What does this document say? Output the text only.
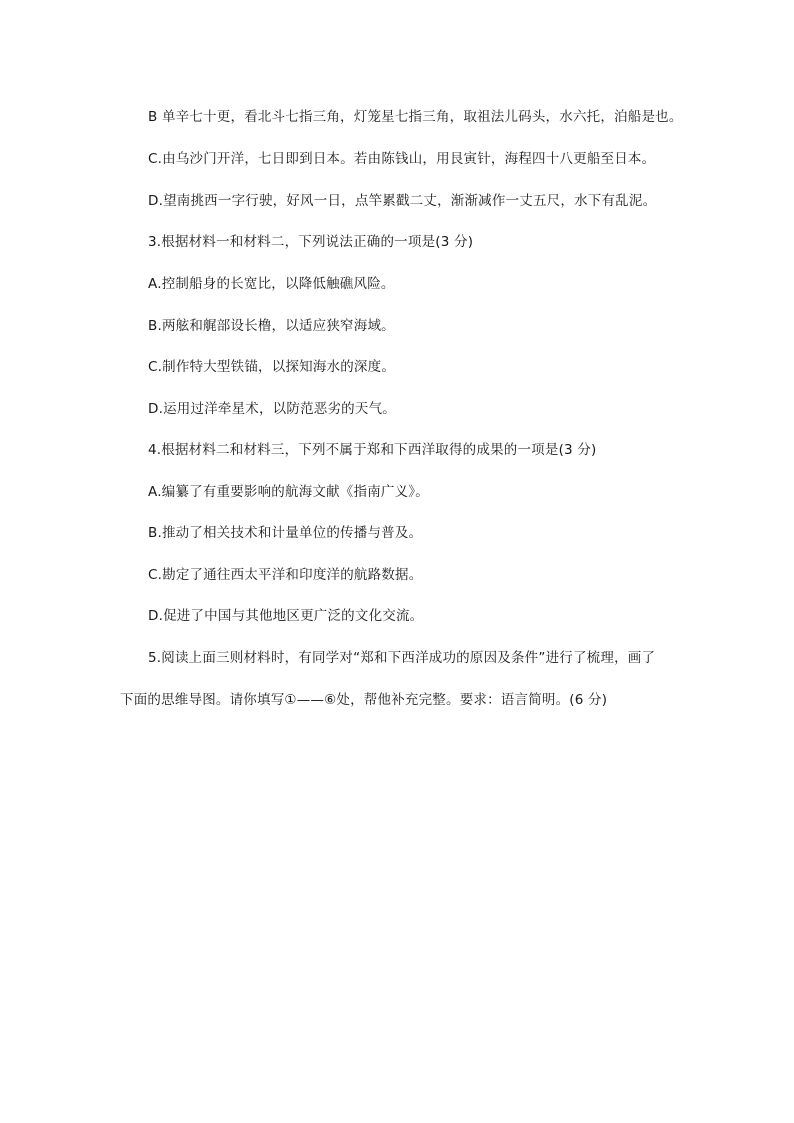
B 单辛七十更，看北斗七指三角，灯笼星七指三角，取祖法儿码头，水六托，泊船是也。
C.由乌沙门开洋，七日即到日本。若由陈钱山，用艮寅针，海程四十八更船至日本。
D.望南挑西一字行驶，好风一日，点竿累戳二丈，渐渐减作一丈五尺，水下有乱泥。
3.根据材料一和材料二，下列说法正确的一项是(3 分)
A.控制船身的长宽比，以降低触礁风险。
B.两舷和艉部设长橹，以适应狭窄海域。
C.制作特大型铁锚，以探知海水的深度。
D.运用过洋牵星术，以防范恶劣的天气。
4.根据材料二和材料三，下列不属于郑和下西洋取得的成果的一项是(3 分)
A.编纂了有重要影响的航海文献《指南广义》。
B.推动了相关技术和计量单位的传播与普及。
C.勘定了通往西太平洋和印度洋的航路数据。
D.促进了中国与其他地区更广泛的文化交流。
5.阅读上面三则材料时，有同学对“郑和下西洋成功的原因及条件”进行了梳理，画了
下面的思维导图。请你填写①——⑥处，帮他补充完整。要求：语言简明。(6 分)
